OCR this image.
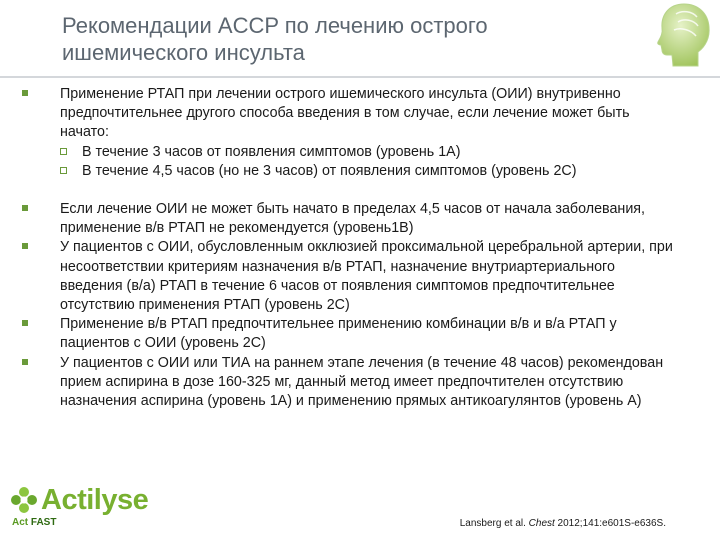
Рекомендации ACCP по лечению острого ишемического инсульта
Применение РТАП при лечении острого ишемического инсульта (ОИИ) внутривенно предпочтительнее другого способа введения в том случае, если лечение может быть начато:
В течение 3 часов от появления симптомов (уровень 1А)
В течение 4,5 часов (но не 3 часов) от появления симптомов (уровень 2С)
Если лечение ОИИ не может быть начато в пределах 4,5 часов от начала заболевания, применение в/в РТАП не рекомендуется (уровень1В)
У пациентов с ОИИ, обусловленным окклюзией проксимальной церебральной артерии, при несоответствии критериям назначения в/в РТАП, назначение внутриартериального введения (в/а) РТАП в течение 6 часов от появления симптомов предпочтительнее отсутствию применения РТАП (уровень 2С)
Применение в/в РТАП предпочтительнее применению комбинации в/в и в/а РТАП у пациентов с ОИИ (уровень 2С)
У пациентов с ОИИ или ТИА на раннем этапе лечения (в течение 48 часов) рекомендован прием аспирина в дозе 160-325 мг, данный метод имеет предпочтителен отсутствию назначения аспирина (уровень 1А) и применению прямых антикоагулянтов (уровень А)
Actilyse
Act FAST	Lansberg et al. Chest 2012;141:e601S-e636S.
